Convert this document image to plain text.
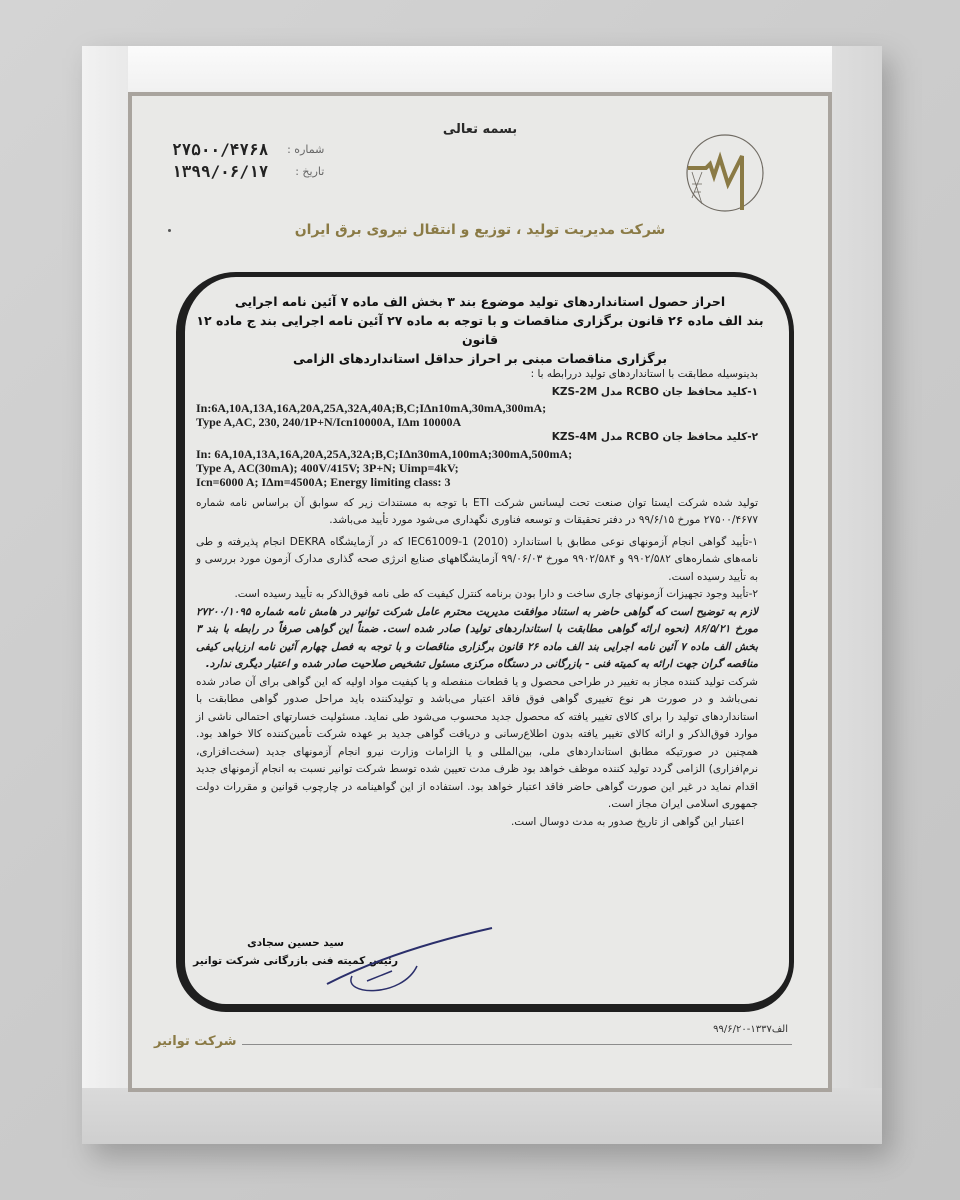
بسمه تعالی
شماره :
۲۷۵۰۰/۴۷۶۸
تاریخ :
۱۳۹۹/۰۶/۱۷
شرکت مدیریت تولید ، توزیع و انتقال نیروی برق ایران
احراز حصول استانداردهای تولید موضوع بند ۳ بخش الف ماده ۷ آئین نامه اجرایی
بند الف ماده ۲۶ قانون برگزاری مناقصات و با توجه به ماده ۲۷ آئین نامه اجرایی بند ج ماده ۱۲ قانون
برگزاری مناقصات مبنی بر احراز حداقل استانداردهای الزامی

بدینوسیله مطابقت با استانداردهای تولید دررابطه با :

۱-کلید محافظ جان RCBO مدل KZS-2M

In:6A,10A,13A,16A,20A,25A,32A,40A;B,C;IΔn10mA,30mA,300mA;
Type A,AC, 230, 240/1P+N/Icn10000A, IΔm 10000A

۲-کلید محافظ جان RCBO مدل KZS-4M

In: 6A,10A,13A,16A,20A,25A,32A;B,C;IΔn30mA,100mA;300mA,500mA;
Type A, AC(30mA); 400V/415V; 3P+N; Uimp=4kV;
Icn=6000 A; IΔm=4500A; Energy limiting class: 3

تولید شده شرکت ایستا توان صنعت تحت لیسانس شرکت ETI با توجه به مستندات زیر که سوابق آن براساس نامه شماره ۲۷۵۰۰/۴۶۷۷ مورخ ۹۹/۶/۱۵ در دفتر تحقیقات و توسعه فناوری نگهداری می‌شود مورد تأیید می‌باشد.

۱-تأیید گواهی انجام آزمونهای نوعی مطابق با استاندارد IEC61009-1 (2010) که در آزمایشگاه DEKRA انجام پذیرفته و طی نامه‌های شماره‌های ۹۹۰۲/۵۸۲ و ۹۹۰۲/۵۸۴ مورخ ۹۹/۰۶/۰۳ آزمایشگاههای صنایع انرژی صحه گذاری مدارک آزمون مورد بررسی و به تأیید رسیده است.

۲-تأیید وجود تجهیزات آزمونهای جاری ساخت و دارا بودن برنامه کنترل کیفیت که طی نامه فوق‌الذکر به تأیید رسیده است.

لازم به توضیح است که گواهی حاضر به استناد موافقت مدیریت محترم عامل شرکت توانیر در هامش نامه شماره ۲۷۲۰۰/۱۰۹۵ مورخ ۸۶/۵/۲۱ (نحوه ارائه گواهی مطابقت با استانداردهای تولید) صادر شده است. ضمناً این گواهی صرفاً در رابطه با بند ۳ بخش الف ماده ۷ آئین نامه اجرایی بند الف ماده ۲۶ قانون برگزاری مناقصات و با توجه به فصل چهارم آئین نامه ارزیابی کیفی مناقصه گران جهت ارائه به کمیته فنی - بازرگانی در دستگاه مرکزی مسئول تشخیص صلاحیت صادر شده و اعتبار دیگری ندارد.

شرکت تولید کننده مجاز به تغییر در طراحی محصول و یا قطعات منفصله و یا کیفیت مواد اولیه که این گواهی برای آن صادر شده نمی‌باشد و در صورت هر نوع تغییری گواهی فوق فاقد اعتبار می‌باشد و تولیدکننده باید مراحل صدور گواهی مطابقت با استانداردهای تولید را برای کالای تغییر یافته که محصول جدید محسوب می‌شود طی نماید. مسئولیت خسارتهای احتمالی ناشی از موارد فوق‌الذکر و ارائه کالای تغییر یافته بدون اطلاع‌رسانی و دریافت گواهی جدید بر عهده شرکت تأمین‌کننده کالا خواهد بود. همچنین در صورتیکه مطابق استانداردهای ملی، بین‌المللی و یا الزامات وزارت نیرو انجام آزمونهای جدید (سخت‌افزاری، نرم‌افزاری) الزامی گردد تولید کننده موظف خواهد بود ظرف مدت تعیین شده توسط شرکت توانیر نسبت به انجام آزمونهای جدید اقدام نماید در غیر این صورت گواهی حاضر فاقد اعتبار خواهد بود. استفاده از این گواهینامه در چارچوب قوانین و مقررات دولت جمهوری اسلامی ایران مجاز است.

اعتبار این گواهی از تاریخ صدور به مدت دوسال است.

سید حسین سجادی
رئیس کمیته فنی بازرگانی شرکت توانیر
الف۱۳۳۷-۹۹/۶/۲۰
شرکت توانیر
